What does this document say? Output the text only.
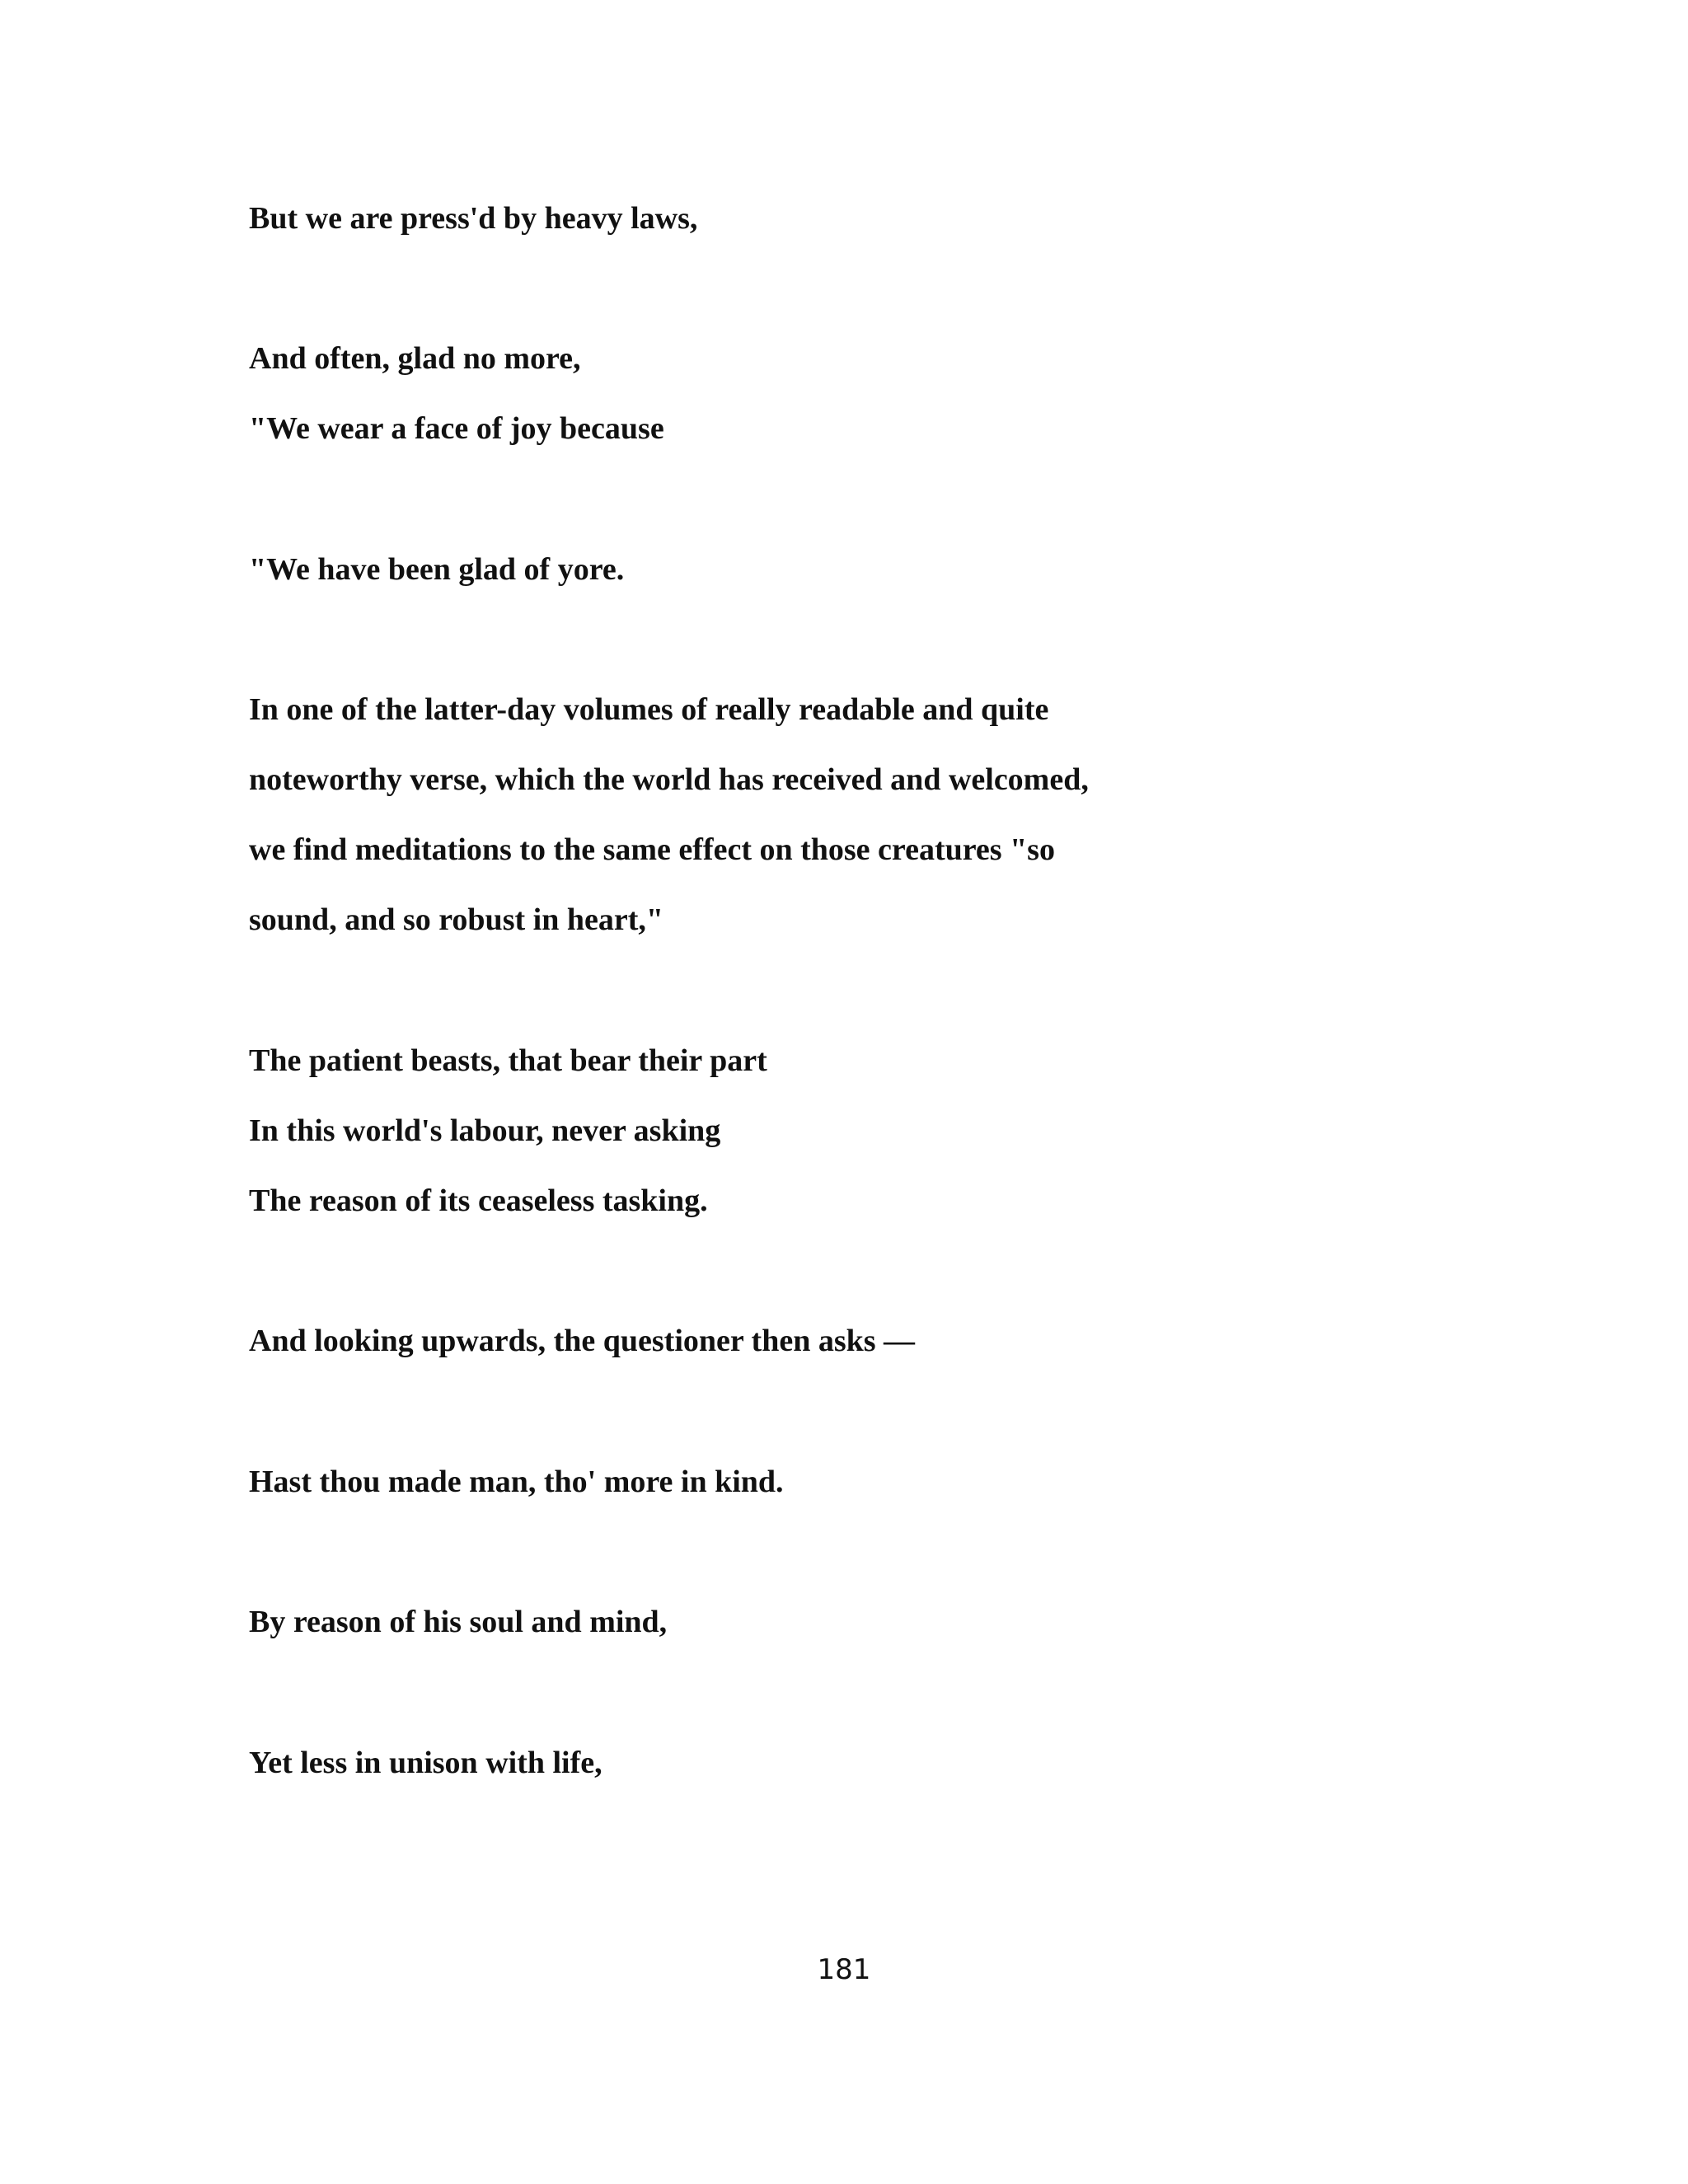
But we are press'd by heavy laws,

And often, glad no more,

"We wear a face of joy because

"We have been glad of yore.

In one of the latter-day volumes of really readable and quite

noteworthy verse, which the world has received and welcomed,

we find meditations to the same effect on those creatures "so

sound, and so robust in heart,"

The patient beasts, that bear their part

In this world's labour, never asking

The reason of its ceaseless tasking.

And looking upwards, the questioner then asks —

Hast thou made man, tho' more in kind.

By reason of his soul and mind,

Yet less in unison with life,

181
